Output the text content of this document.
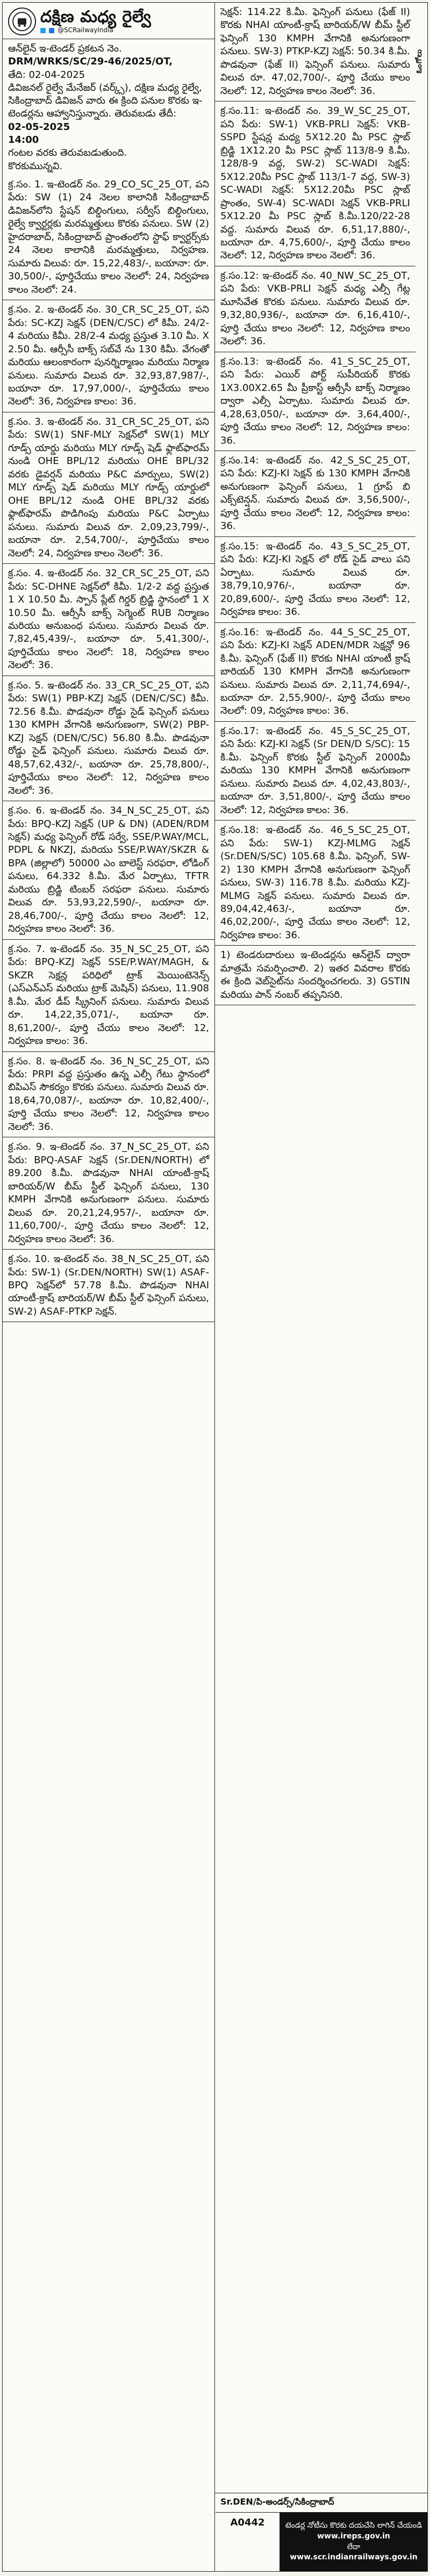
దక్షిణ మధ్య రైల్వే
@SCRailwayIndia
ఆన్‌లైన్ ఇ-టెండర్ ప్రకటన నెం.
DRM/WRKS/SC/29-46/2025/OT,
తేది: 02-04-2025
డివిజనల్ రైల్వే మేనేజర్ (వర్క్స్), దక్షిణ మధ్య రైల్వే, సికింద్రాబాద్ డివిజన్ వారు ఈ క్రింది పనుల కొరకు ఇ-టెండర్లను ఆహ్వానిస్తున్నారు. తెరువబడు తేదీ:
02-05-2025
14:00
గంటల వరకు తెరువబడుతుంది.
కొరకుమున్నవి.
క్ర.సం. 1. ఇ-టెండర్ నం. 29_CO_SC_25_OT, పని పేరు: SW (1) 24 నెలల కాలానికి సికింద్రాబాద్ డివిజన్‌లోని స్టేషన్ బిల్డింగులు, సర్వీస్ బిల్డింగులు, రైల్వే క్వార్టర్లకు మరమ్మత్తులు కొరకు పనులు. SW (2) హైదరాబాద్, సికింద్రాబాద్ ప్రాంతంలోని స్టాఫ్ క్వార్టర్స్‌కు 24 నెలల కాలానికి మరమ్మత్తులు, నిర్వహణ. సుమారు విలువ: రూ. 15,22,483/-, బయానా: రూ. 30,500/-, పూర్తిచేయు కాలం నెలలో: 24, నిర్వహణ కాలం నెలలో: 24.
క్ర.సం. 2. ఇ-టెండర్ నం. 30_CR_SC_25_OT, పని పేరు: SC-KZJ సెక్షన్ (DEN/C/SC) లో కిమీ. 24/2-4 మరియు కిమీ. 28/2-4 మధ్య ప్రస్తుత 3.10 మీ. X 2.50 మీ. ఆర్సీసీ బాక్స్ సబ్‌వే ను 130 కిమీ. వేగంతో మరియు ఆలంకారంగా పునర్నిర్మాణం మరియు నిర్మాణ పనులు. సుమారు విలువ రూ. 32,93,87,987/-, బయానా రూ. 17,97,000/-, పూర్తిచేయు కాలం నెలలో: 36, నిర్వహణ కాలం: 36.
క్ర.సం. 3. ఇ-టెండర్ నం. 31_CR_SC_25_OT, పని పేరు: SW(1) SNF-MLY సెక్షన్‌లో SW(1) MLY గూడ్స్ యార్డు మరియు MLY గూడ్స్ షెడ్ ఫ్లాట్‌ఫారమ్ నుండి OHE BPL/12 మరియు OHE BPL/32 వరకు డైవర్షన్ మరియు P&C మార్పులు, SW(2) MLY గూడ్స్ షెడ్ మరియు MLY గూడ్స్ యార్డులో OHE BPL/12 నుండి OHE BPL/32 వరకు ఫ్లాట్‌ఫారమ్ పొడిగింపు మరియు P&C ఏర్పాటు పనులు. సుమారు విలువ రూ. 2,09,23,799/-, బయానా రూ. 2,54,700/-, పూర్తిచేయు కాలం నెలలో: 24, నిర్వహణ కాలం నెలలో: 36.
క్ర.సం. 4. ఇ-టెండర్ నం. 32_CR_SC_25_OT, పని పేరు: SC-DHNE సెక్షన్‌లో కిమీ. 1/2-2 వద్ద ప్రస్తుత 1 X 10.50 మీ. స్పాన్ ప్లేట్ గిర్డర్ బ్రిడ్జి స్థానంలో 1 X 10.50 మీ. ఆర్సీసీ బాక్స్ సెగ్మెంట్ RUB నిర్మాణం మరియు అనుబంధ పనులు. సుమారు విలువ రూ. 7,82,45,439/-, బయానా రూ. 5,41,300/-, పూర్తిచేయు కాలం నెలలో: 18, నిర్వహణ కాలం నెలలో: 36.
క్ర.సం. 5. ఇ-టెండర్ నం. 33_CR_SC_25_OT, పని పేరు: SW(1) PBP-KZJ సెక్షన్ (DEN/C/SC) కిమీ. 72.56 కి.మీ. పొడవునా రోడ్డు సైడ్ ఫెన్సింగ్ పనులు 130 KMPH వేగానికి అనుగుణంగా, SW(2) PBP-KZJ సెక్షన్ (DEN/C/SC) 56.80 కి.మీ. పొడవునా రోడ్డు సైడ్ ఫెన్సింగ్ పనులు. సుమారు విలువ రూ. 48,57,62,432/-, బయానా రూ. 25,78,800/-, పూర్తిచేయు కాలం నెలలో: 12, నిర్వహణ కాలం నెలలో: 36.
క్ర.సం. 6. ఇ-టెండర్ నం. 34_N_SC_25_OT, పని పేరు: BPQ-KZJ సెక్షన్ (UP & DN) (ADEN/RDM సెక్షన్) మధ్య ఫెన్సింగ్ రోడ్ సర్వే, SSE/P.WAY/MCL, PDPL & NKZJ, మరియు SSE/P.WAY/SKZR & BPA (జిల్లాలో) 50000 ఎం బాలెస్ట్ సరఫరా, లోడింగ్ పనులు, 64.332 కి.మీ. మేర ఏర్పాటు, TFTR మరియు బ్రిడ్జి టింబర్ సరఫరా పనులు. సుమారు విలువ రూ. 53,93,22,590/-, బయానా రూ. 28,46,700/-, పూర్తి చేయు కాలం నెలలో: 12, నిర్వహణ కాలం నెలలో: 36.
క్ర.సం. 7. ఇ-టెండర్ నం. 35_N_SC_25_OT, పని పేరు: BPQ-KZJ సెక్షన్ SSE/P.WAY/MAGH, & SKZR సెక్షన్ల పరిధిలో ట్రాక్ మెయింటెనెన్స్ (ఎస్ఎన్‌ఎస్ మరియు ట్రాక్ మెషిన్) పనులు, 11.908 కి.మీ. మేర డీప్ స్క్రీనింగ్ పనులు. సుమారు విలువ రూ. 14,22,35,071/-, బయానా రూ. 8,61,200/-, పూర్తి చేయు కాలం నెలలో: 12, నిర్వహణ కాలం: 36.
క్ర.సం. 8. ఇ-టెండర్ నం. 36_N_SC_25_OT, పని పేరు: PRPI వద్ద ప్రస్తుతం ఉన్న ఎల్సీ గేటు స్థానంలో బిపిఎస్ సౌకర్యం కొరకు పనులు. సుమారు విలువ రూ. 18,64,70,087/-, బయానా రూ. 10,82,400/-, పూర్తి చేయు కాలం నెలలో: 12, నిర్వహణ కాలం నెలలో: 36.
క్ర.సం. 9. ఇ-టెండర్ నం. 37_N_SC_25_OT, పని పేరు: BPQ-ASAF సెక్షన్ (Sr.DEN/NORTH) లో 89.200 కి.మీ. పొడవునా NHAI యాంటీ-క్రాష్ బారియర్/W బీమ్ స్టీల్ ఫెన్సింగ్ పనులు, 130 KMPH వేగానికి అనుగుణంగా పనులు. సుమారు విలువ రూ. 20,21,24,957/-, బయానా రూ. 11,60,700/-, పూర్తి చేయు కాలం నెలలో: 12, నిర్వహణ కాలం నెలలో: 36.
క్ర.సం. 10. ఇ-టెండర్ నం. 38_N_SC_25_OT, పని పేరు: SW-1) (Sr.DEN/NORTH) SW(1) ASAF-BPQ సెక్షన్‌లో 57.78 కి.మీ. పొడవునా NHAI యాంటీ-క్రాష్ బారియర్/W బీమ్ స్టీల్ ఫెన్సింగ్ పనులు, SW-2) ASAF-PTKP సెక్షన్.
ఓంగోలు
సెక్షన్: 114.22 కి.మీ. ఫెన్సింగ్ పనులు (ఫేజ్ II) కొరకు NHAI యాంటీ-క్రాష్ బారియర్/W బీమ్ స్టీల్ ఫెన్సింగ్ 130 KMPH వేగానికి అనుగుణంగా పనులు. SW-3) PTKP-KZJ సెక్షన్: 50.34 కి.మీ. పొడవునా (ఫేజ్ II) ఫెన్సింగ్ పనులు. సుమారు విలువ రూ. 47,02,700/-, పూర్తి చేయు కాలం నెలలో: 12, నిర్వహణ కాలం నెలలో: 36.
క్ర.సం.11: ఇ-టెండర్ నం. 39_W_SC_25_OT, పని పేరు: SW-1) VKB-PRLI సెక్షన్: VKB-SSPD స్టేషన్ల మధ్య 5X12.20 మీ PSC స్లాబ్ బ్రిడ్జి 1X12.20 మీ PSC స్లాబ్ 113/8-9 కి.మీ. 128/8-9 వద్ద, SW-2) SC-WADI సెక్షన్: 5X12.20మీ PSC స్లాబ్ 113/1-7 వద్ద, SW-3) SC-WADI సెక్షన్: 5X12.20మీ PSC స్లాబ్ ప్రాంతం, SW-4) SC-WADI సెక్షన్ VKB-PRLI 5X12.20 మీ PSC స్లాబ్ కి.మీ.120/22-28 వద్ద. సుమారు విలువ రూ. 6,51,17,880/-, బయానా రూ. 4,75,600/-, పూర్తి చేయు కాలం నెలలో: 12, నిర్వహణ కాలం నెలలో: 36.
క్ర.సం.12: ఇ-టెండర్ నం. 40_NW_SC_25_OT, పని పేరు: VKB-PRLI సెక్షన్ మధ్య ఎల్సీ గేట్ల మూసివేత కొరకు పనులు. సుమారు విలువ రూ. 9,32,80,936/-, బయానా రూ. 6,16,410/-, పూర్తి చేయు కాలం నెలలో: 12, నిర్వహణ కాలం నెలలో: 36.
క్ర.సం.13: ఇ-టెండర్ నం. 41_S_SC_25_OT, పని పేరు: ఎయిర్ పోర్ట్ సుపీరియర్ కొరకు 1X3.00X2.65 మీ ప్రీకాస్ట్ ఆర్సీసీ బాక్స్ నిర్మాణం ద్వారా ఎల్సీ ఏర్పాటు. సుమారు విలువ రూ. 4,28,63,050/-, బయానా రూ. 3,64,400/-, పూర్తి చేయు కాలం నెలలో: 12, నిర్వహణ కాలం: 36.
క్ర.సం.14: ఇ-టెండర్ నం. 42_S_SC_25_OT, పని పేరు: KZJ-KI సెక్షన్ కు 130 KMPH వేగానికి అనుగుణంగా ఫెన్సింగ్ పనులు, 1 గ్రూప్ బి ఎక్స్‌టెన్షన్. సుమారు విలువ రూ. 3,56,500/-, పూర్తి చేయు కాలం నెలలో: 12, నిర్వహణ కాలం: 36.
క్ర.సం.15: ఇ-టెండర్ నం. 43_S_SC_25_OT, పని పేరు: KZJ-KI సెక్షన్ లో రోడ్ సైడ్ వాలు పని ఏర్పాటు. సుమారు విలువ రూ. 38,79,10,976/-, బయానా రూ. 20,89,600/-, పూర్తి చేయు కాలం నెలలో: 12, నిర్వహణ కాలం: 36.
క్ర.సం.16: ఇ-టెండర్ నం. 44_S_SC_25_OT, పని పేరు: KZJ-KI సెక్షన్ ADEN/MDR సెక్షన్లో 96 కి.మీ. ఫెన్సింగ్ (ఫేజ్ II) కొరకు NHAI యాంటీ క్రాష్ బారియర్ 130 KMPH వేగానికి అనుగుణంగా పనులు. సుమారు విలువ రూ. 2,11,74,694/-, బయానా రూ. 2,55,900/-, పూర్తి చేయు కాలం నెలలో: 09, నిర్వహణ కాలం: 36.
క్ర.సం.17: ఇ-టెండర్ నం. 45_S_SC_25_OT, పని పేరు: KZJ-KI సెక్షన్ (Sr DEN/D S/SC): 15 కి.మీ. ఫెన్సింగ్ కొరకు స్టీల్ ఫెన్సింగ్ 2000మీ మరియు 130 KMPH వేగానికి అనుగుణంగా పనులు. సుమారు విలువ రూ. 4,02,43,803/-, బయానా రూ. 3,51,800/-, పూర్తి చేయు కాలం నెలలో: 12, నిర్వహణ కాలం: 36.
క్ర.సం.18: ఇ-టెండర్ నం. 46_S_SC_25_OT, పని పేరు: SW-1) KZJ-MLMG సెక్షన్ (Sr.DEN/S/SC) 105.68 కి.మీ. ఫెన్సింగ్, SW-2) 130 KMPH వేగానికి అనుగుణంగా ఫెన్సింగ్ పనులు, SW-3) 116.78 కి.మీ. మరియు KZJ-MLMG సెక్షన్ పనులు. సుమారు విలువ రూ. 89,04,42,463/-, బయానా రూ. 46,02,200/-, పూర్తి చేయు కాలం నెలలో: 12, నిర్వహణ కాలం: 36.
1) టెండరుదారులు ఇ-టెండర్లను ఆన్‌లైన్ ద్వారా మాత్రమే సమర్పించాలి. 2) ఇతర వివరాల కొరకు ఈ క్రింది వెబ్‌సైట్‌ను సందర్శించగలరు. 3) GSTIN మరియు పాన్ నంబర్ తప్పనిసరి.
Sr.DEN/పి-అండర్స్/సికింద్రాబాద్
A0442	టెండర్ల నోటీసు కొరకు దయచేసి లాగిన్ చేయండి
www.ireps.gov.in
లేదా
www.scr.indianrailways.gov.in
